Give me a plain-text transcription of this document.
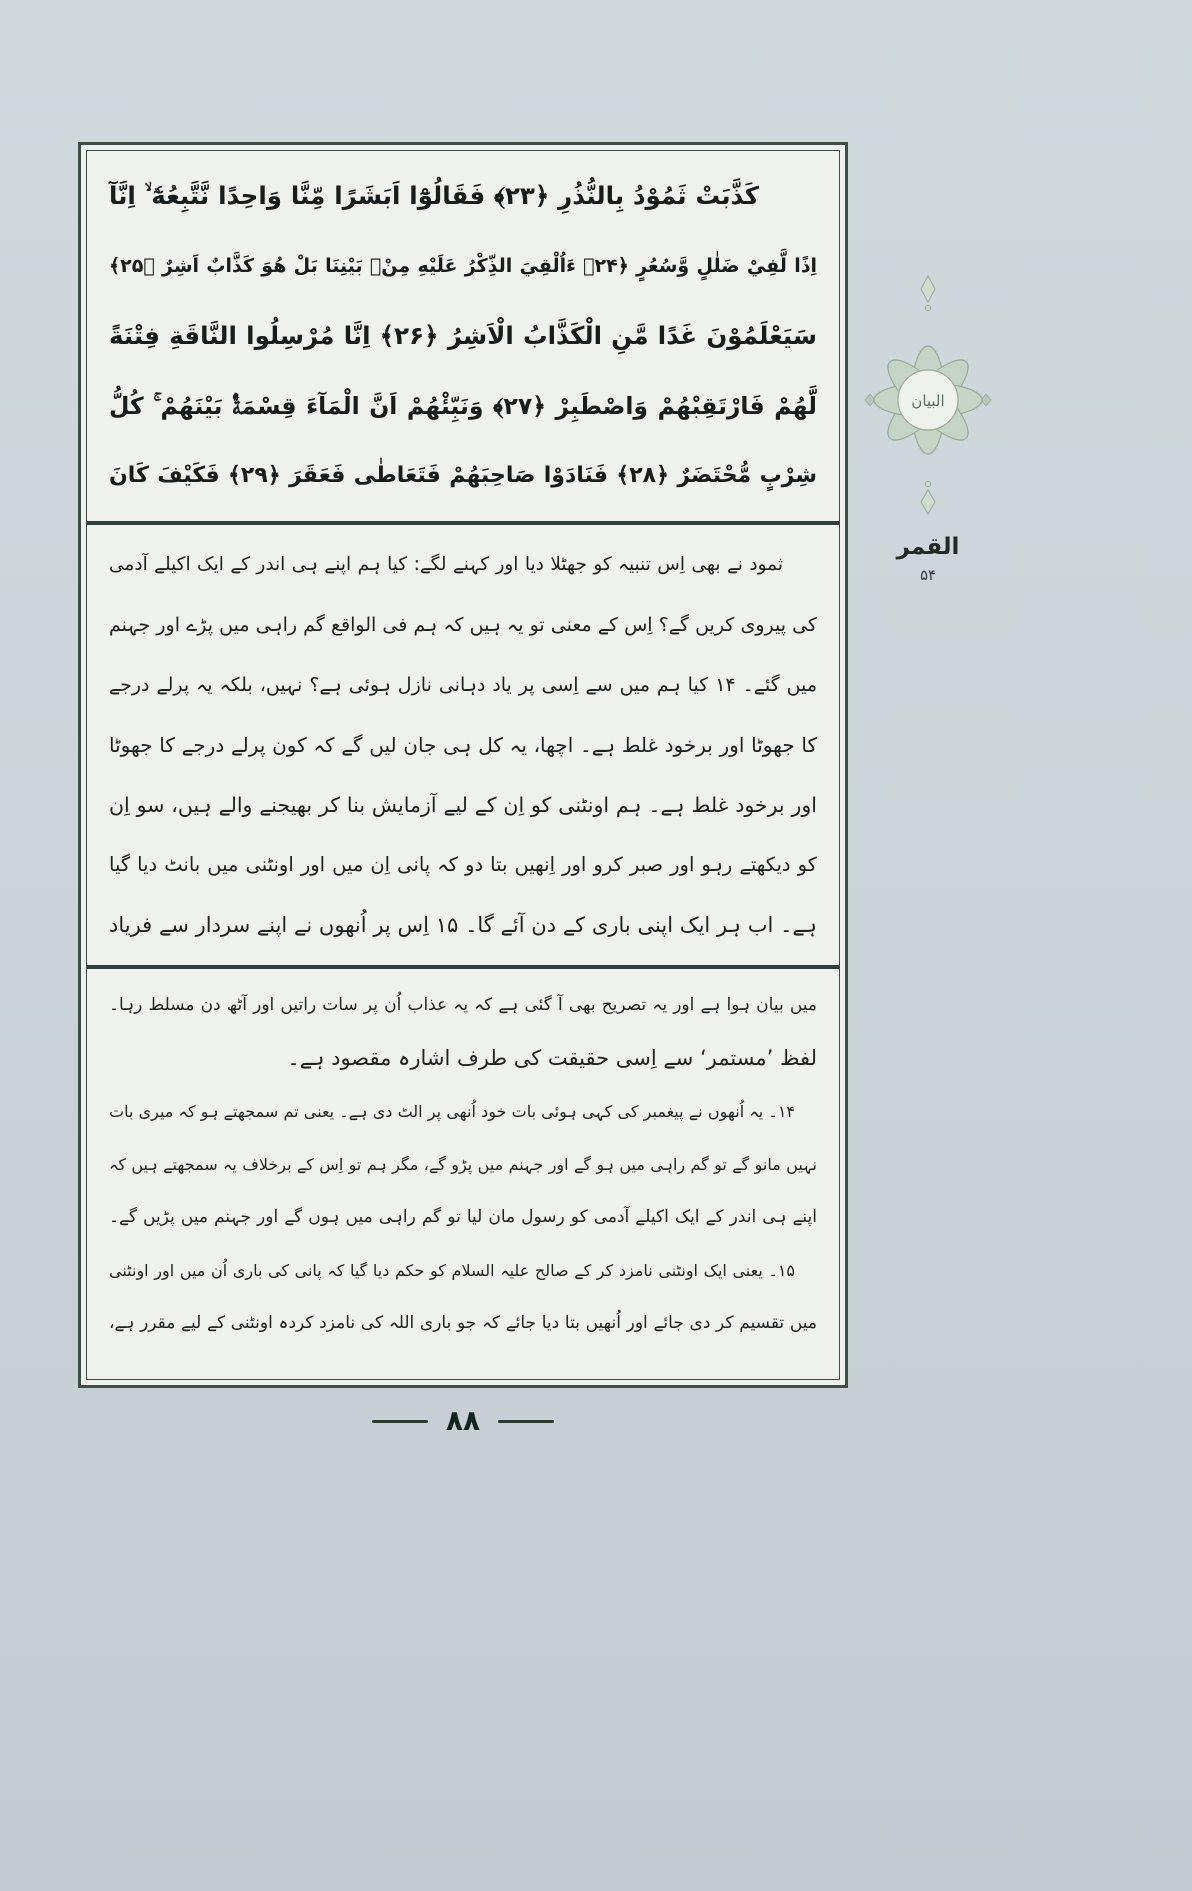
كَذَّبَتْ ثَمُوْدُ بِالنُّذُرِ ﴿۲۳﴾ فَقَالُوْٓا اَبَشَرًا مِّنَّا وَاحِدًا نَّتَّبِعُهٗٓ ۙ اِنَّآ
اِذًا لَّفِيْ ضَلٰلٍ وَّسُعُرٍ ﴿۲۴﴾ ءَاُلْقِيَ الذِّكْرُ عَلَيْهِ مِنْۢ بَيْنِنَا بَلْ هُوَ كَذَّابٌ اَشِرٌ ﴿۲۵﴾
سَيَعْلَمُوْنَ غَدًا مَّنِ الْكَذَّابُ الْاَشِرُ ﴿۲۶﴾ اِنَّا مُرْسِلُوا النَّاقَةِ فِتْنَةً
لَّهُمْ فَارْتَقِبْهُمْ وَاصْطَبِرْ ﴿۲۷﴾ وَنَبِّئْهُمْ اَنَّ الْمَآءَ قِسْمَةٌۢ بَيْنَهُمْ ۚ كُلُّ
شِرْبٍ مُّحْتَضَرٌ ﴿۲۸﴾ فَنَادَوْا صَاحِبَهُمْ فَتَعَاطٰى فَعَقَرَ ﴿۲۹﴾ فَكَيْفَ كَانَ
ثمود نے بھی اِس تنبیہ کو جھٹلا دیا اور کہنے لگے: کیا ہم اپنے ہی اندر کے ایک اکیلے آدمی
کی پیروی کریں گے؟ اِس کے معنی تو یہ ہیں کہ ہم فی الواقع گم راہی میں پڑے اور جہنم
میں گئے۔ ۱۴ کیا ہم میں سے اِسی پر یاد دہانی نازل ہوئی ہے؟ نہیں، بلکہ یہ پرلے درجے
کا جھوٹا اور برخود غلط ہے۔ اچھا، یہ کل ہی جان لیں گے کہ کون پرلے درجے کا جھوٹا
اور برخود غلط ہے۔ ہم اونٹنی کو اِن کے لیے آزمایش بنا کر بھیجنے والے ہیں، سو اِن
کو دیکھتے رہو اور صبر کرو اور اِنھیں بتا دو کہ پانی اِن میں اور اونٹنی میں بانٹ دیا گیا
ہے۔ اب ہر ایک اپنی باری کے دن آئے گا۔ ۱۵ اِس پر اُنھوں نے اپنے سردار سے فریاد
میں بیان ہوا ہے اور یہ تصریح بھی آ گئی ہے کہ یہ عذاب اُن پر سات راتیں اور آٹھ دن مسلط رہا۔
لفظ ’مستمر‘ سے اِسی حقیقت کی طرف اشارہ مقصود ہے۔
۱۴۔ یہ اُنھوں نے پیغمبر کی کہی ہوئی بات خود اُنھی پر الٹ دی ہے۔ یعنی تم سمجھتے ہو کہ میری بات
نہیں مانو گے تو گم راہی میں ہو گے اور جہنم میں پڑو گے، مگر ہم تو اِس کے برخلاف یہ سمجھتے ہیں کہ
اپنے ہی اندر کے ایک اکیلے آدمی کو رسول مان لیا تو گم راہی میں ہوں گے اور جہنم میں پڑیں گے۔
۱۵۔ یعنی ایک اونٹنی نامزد کر کے صالح علیہ السلام کو حکم دیا گیا کہ پانی کی باری اُن میں اور اونٹنی
میں تقسیم کر دی جائے اور اُنھیں بتا دیا جائے کہ جو باری اللہ کی نامزد کردہ اونٹنی کے لیے مقرر ہے،
البيان
القمر
۵۴
۸۸
